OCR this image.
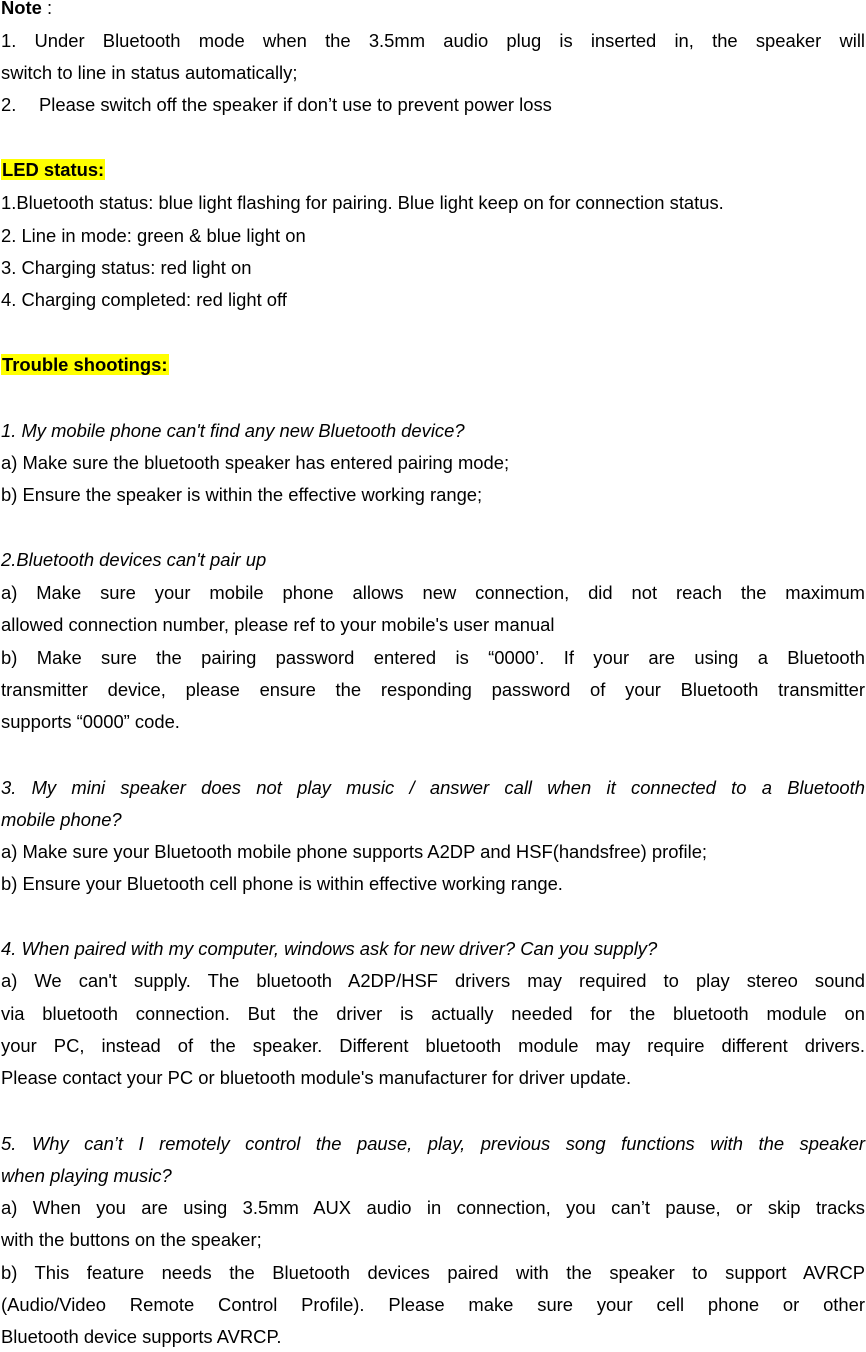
Note :
1. Under Bluetooth mode when the 3.5mm audio plug is inserted in, the speaker will
switch to line in status automatically;
2. Please switch off the speaker if don’t use to prevent power loss
LED status:
1.Bluetooth status: blue light flashing for pairing. Blue light keep on for connection status.
2. Line in mode: green & blue light on
3. Charging status: red light on
4. Charging completed: red light off
Trouble shootings:
1. My mobile phone can't find any new Bluetooth device?
a) Make sure the bluetooth speaker has entered pairing mode;
b) Ensure the speaker is within the effective working range;
2.Bluetooth devices can't pair up
a) Make sure your mobile phone allows new connection, did not reach the maximum
allowed connection number, please ref to your mobile's user manual
b) Make sure the pairing password entered is “0000’. If your are using a Bluetooth
transmitter device, please ensure the responding password of your Bluetooth transmitter
supports “0000” code.
3. My mini speaker does not play music / answer call when it connected to a Bluetooth
mobile phone?
a) Make sure your Bluetooth mobile phone supports A2DP and HSF(handsfree) profile;
b) Ensure your Bluetooth cell phone is within effective working range.
4. When paired with my computer, windows ask for new driver? Can you supply?
a) We can't supply. The bluetooth A2DP/HSF drivers may required to play stereo sound
via bluetooth connection. But the driver is actually needed for the bluetooth module on
your PC, instead of the speaker. Different bluetooth module may require different drivers.
Please contact your PC or bluetooth module's manufacturer for driver update.
5. Why can’t I remotely control the pause, play, previous song functions with the speaker
when playing music?
a) When you are using 3.5mm AUX audio in connection, you can’t pause, or skip tracks
with the buttons on the speaker;
b) This feature needs the Bluetooth devices paired with the speaker to support AVRCP
(Audio/Video Remote Control Profile). Please make sure your cell phone or other
Bluetooth device supports AVRCP.
